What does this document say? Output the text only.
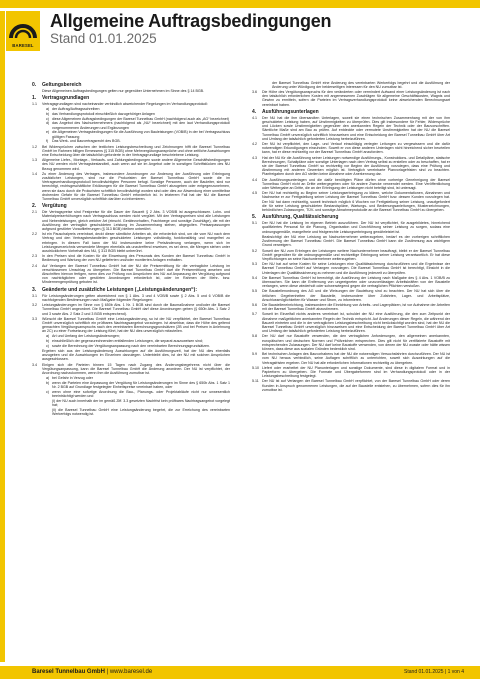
BARESEL
Allgemeine Auftragsbedingungen
Stand 01.01.2025
0.	Geltungsbereich
Diese Allgemeinen Auftragsbedingungen gelten nur gegenüber Unternehmen im Sinne des § 14 BGB.
1.	Vertragsgrundlagen
1.1	Vertragsgrundlagen sind nacheinander verbindlich abweichender Regelungen im Verhandlungsprotokoll:
a) der Auftrag/Auftragsschreiben
b) das Verhandlungsprotokoll einschließlich dazugehöriger Anlagen
c) diese Allgemeinen Auftragsbedingungen der Baresel Tunnelbau GmbH (nachfolgend auch als „AG“ bezeichnet)
d) das Angebot des Nachunternehmers (nachfolgend als „NU“ bezeichnet) mit den laut Verhandlungsprotokoll vorgenommenen Änderungen und Ergänzungen
e) die Allgemeinen Vertragsbedingungen für die Ausführung von Bauleistungen (VOB/B) in der bei Vertragsschluss gültigen Fassung
f)	Das Werk- und Bauvertragsrecht des BGB.
1.2	Bei Widersprüchen zwischen der textlichen Leistungsbeschreibung und Zeichnungen hifft die Baresel Tunnelbau GmbH im Rahmen billigen Ermessens (§ 315 BGB) ohne Mehrvergütungsansprüche und ohne zeitliche Auswirkungen eine Entscheidung über die tatsächlich geforderte in der Vertragsgrundlage beschriebene Leistung.
1.3	Allgemeine Liefer-, Montage-, Verkaufs- und Zahlungsbedingungen sowie andere Allgemeine Geschäftsbedingungen des NU werden nicht Vertragsbestandteil, auch wenn auf sie im Angebot oder in sonstigen Schriftstücken des NU Bezug genommen wird.
1.4	Zu einer Änderung des Vertrages, insbesondere Anordnungen zur Änderung der Ausführung oder Erbringung zusätzlicher Leistungen, sind nur die Prokuristen der Baresel Tunnelbau GmbH sowie die im Vertragsverhandlungsprotokoll bevollmächtigten Personen befugt. Sonstige Personen, auch der Bauleiter, sind nur berechtigt, rechtsgeschäftliche Erklärungen für die Baresel Tunnelbau GmbH abzugeben oder entgegenzunehmen, wenn sie dazu durch die Prokuristen schriftlich bevollmächtigt worden sind oder dies zur Abwendung einer unmittelbar drohenden Gefahr für die Baresel Tunnelbau GmbH erforderlich ist. In letzterem Fall hat der NU die Baresel Tunnelbau GmbH unverzüglich schriftlich darüber zu informieren.
2.	Vergütung
2.1	Die Vertragspreise sind Festpreise für die Dauer der Bauzeit § 2 Abs. 3 VOB/B ist ausgeschlossen. Lohn- und Materialpreiserhöhungen nach Vertragsschluss werden nicht vergütet. Mit den Vertragspreisen sind alle Leistungen und Nebenleistungen, gleich welcher Art (einschl. Gerätevorhalten, Frachtwege und sonstige Zuschläge), die mit der Ausführung der vertraglich geschuldeten Leistung im Zusammenhang stehen, abgegolten. Preisanpassungen aufgrund gestörter Vorauflieferungen (§ 313 BGB) bleiben unberührt.
2.2	Ist ein Pauschalpreis vereinbart, deckt dieser sämtliche Arbeiten ab, die erforderlich sind, um die vom NU nach dem Vertrag und den Vertragsbestandteilen geschuldeten Leistungen vollständig, funktionsfähig und mangelfrei zu erbringen. In diesem Fall kann der NU insbesondere keine Preisänderung verlangen, wenn sich im Leistungsverzeichnis verwendete Mengen ebenfalls als unzutreffend erweisen, es sei denn, die Mengen stehen unter ausdrücklichem Vorbehalt des NU, § 313 BGB bleibt unberührt.
2.3	In den Preisen sind die Kosten für die Einweisung des Personals des Kunden der Baresel Tunnelbau GmbH in Bedienung und Wartung der vom NU gelieferten und/oder montierten Anlagen enthalten.
2.4	Auf Verlangen der Baresel Tunnelbau GmbH hat der NU die Preisermittlung für die vertragliche Leistung im verschlossenen Umschlag zu übergeben. Die Baresel Tunnelbau GmbH darf die Preisermittlung ansehen und Abschriften hiervon fertigen, wenn dies zur Prüfung von Ansprüchen des NU auf Anpassung der Vergütung aufgrund von nachträglichen oder gestörten Anordnungen erforderlich ist, oder im Rahmen der Mehr- bzw. Mindermengenprüfung geboten ist.
3.	Geänderte und zusätzliche Leistungen („Leistungsänderungen“):
3.1	Für Leistungsänderungen gelten abweichend von § 1 Abs. 3 und 4 VOB/B sowie § 2 Abs. 5 und 6 VOB/B die nachfolgenden Bestimmungen nach Maßgabe folgender Regelungen:
3.2	Leistungsänderungen im Sinne von § 650b Abs. 1 Nr. 1 BGB sind durch die Baumaßnahme und/oder die Baresel Tunnelbau GmbH angeordnet. Die Baresel Tunnelbau GmbH darf diese Anordnungen geben (§ 650b Abs. 1 Satz 2 und 3 sowie Abs. 2 Satz 2 und 3 BGB entsprechend).
3.3	Wünscht die Baresel Tunnelbau GmbH eine Leistungsänderung, so ist der NU verpflichtet, der Baresel Tunnelbau GmbH unverzüglich schriftlich ein prüfbares Nachtragsangebot vorzulegen. Ist absehbar, dass die Höhe des geltend gemachten Vergütungsanspruchs nach den vereinbarten Berechnungsgrundsätzen (2B und bei Preisen in Anlehnung an 2C) zu einer Fortsetzung der Leistung führt, hat der NU dies unverzüglich mitzuteilen.
a) Art und Umfang der Leistungsänderungen;
b) einschließlich der gegenzurechnenden entfallenden Leistungen, die separat auszuweisen sind;
c) sowie die Berechnung der Vergütungsanpassung nach den vereinbarten Berechnungsgrundsätzen.
Ergeben sich aus der Leistungsänderung Auswirkungen auf die Ausführungszeit, hat der NU dies ebenfalls anzugeben und die Auswirkungen im Einzelnen darzulegen. Unterbleibt dies, ist der NU mit solchen Ansprüchen ausgeschlossen.
3.4	Einigen sich die Parteien binnen 15 Tagen nach Zugang des Änderungsbegehrens nicht über die Vergütungsanpassung, kann die Baresel Tunnelbau GmbH die Änderung anordnen. Der NU ist verpflichtet, der Anordnung nachzukommen, wenn ihm die Ausführung zumutbar ist.
a) bei Gefahr in Verzug oder
b) wenn die Parteien eine Anpassung der Vergütung für Leistungsänderungen im Sinne des § 650b Abs. 1 Satz 1 Nr. 2 BGB auf Grundlage festgelegter Einheitspreise vereinbart haben, oder
c) wenn ohne eine sofortige Anordnung die Bau-, Planungs- oder Projektabläufe nicht nur unwesentlich beeinträchtigt werden und
(i) der NU auch innerhalb der im gemäß Ziff. 3.3 gesetzten Nachfrist kein prüfbares Nachtragsangebot vorgelegt hat;
(ii) die Baresel Tunnelbau GmbH eine Leistungsänderung begehrt, die zur Erreichung des vereinbarten Werkerfolgs notwendig ist.
der Baresel Tunnelbau GmbH eine Änderung des vereinbarten Werkerfolgs begehrt und die Ausführung der Änderung unter Würdigung der beiderseitigen Interessen für den NU zumutbar ist.
3.6	Die Höhe des Vergütungsanspruchs für den veränderten oder vermindert Aufwand einer Leistungsänderung ist nach den tatsächlich erforderlichen Kosten mit angemessenen Zuschlägen für allgemeine Geschäftskosten, Wagnis und Gewinn zu ermitteln, sofern die Parteien im Vertragsverhandlungsprotokoll keine abweichenden Berechnungsart vereinbart haben.
4.	Ausführungsunterlagen
4.1	Der NU hat die ihm übersandten Unterlagen, soweit sie einen technischen Zusammenhang mit der von ihm geschuldeten Leistung haben, auf Unstimmigkeiten zu überprüfen. Dies gilt insbesondere für Fehler, Widersprüche und Lücken sowie Unstimmigkeiten gegenüber den anerkannten Regeln der Technik oder der Bauvorschriften. Sämtliche Maße sind am Bau zu prüfen. Auf entdeckte oder vermutete Unstimmigkeiten hat der NU die Baresel Tunnelbau GmbH unverzüglich schriftlich hinzuweisen und eine Entscheidung der Baresel Tunnelbau GmbH über Art und Umfang der tatsächlich geforderten Leistung herbeizuführen.
4.2	Der NU ist verpflichtet, den Lage- und Verlauf einschlägig verlegter Leitungen zu vergewissern und die dafür notwendigen Erkundigungen einzuholen. Soweit er von diese anderen Unterlagen nicht hinreichend sicher beurteilen kann, hat er diese rechtzeitig vor der Baresel Tunnelbau GmbH anzufordern.
4.3	Hat der NU für die Ausführung seiner Leistungen notwendige Ausführungs-, Konstruktions- und Detailpläne, statische Berechnungen, Schaltpläne oder sonstige Unterlagen nach dem Vertrag selbst zu erstellen oder zu beschaffen, hat er sie der Baresel Tunnelbau GmbH so rechtzeitig vor Beginn der Ausführung vorzulegen, dass eine Prüfung und Abstimmung mit anderen Gewerken möglich ist. Vertraglich vereinbarte Planvorlagefristen sind zu beachten. Planfreigaben durch den AG stellen keine Abnahme oder Anerkennung dar.
4.4	Die Ausführungsunterlagen und die dafür benötigten Pläne dürfen ohne vorherige Genehmigung der Baresel Tunnelbau GmbH nicht an Dritte weitergegeben oder für andere Zwecke verwendet werden. Eine Veröffentlichung oder Weitergabe an Dritte, die an der Erbringung der Leistungen nicht beteiligt sind, ist untersagt.
4.5	Der NU hat rechtzeitig zu Beginn seiner Leistungserbringung zu klären, welche Dokumentationen, Abnahmen und Nachweise er zur Fertigstellung seiner Leistung der Baresel Tunnelbau GmbH bzw. dessen Kunden vorzulegen hat. Der NU hat dann rechtzeitig, soweit technisch möglich 6 Wochen vor Fertigstellung seiner Leistung, unaufgefordert die für seine Leistung geschuldeten Bestandspläne, Wartungs- und Bedienungsanleitungen, Musterzeichnungen, behördlichen Zulassungen, TÜV- und sonstige Abnahmeprotokolle an die Baresel Tunnelbau GmbH zu übergeben.
5.	Ausführung, Qualitätssicherung
5.1	Der NU hat die Leistung im eigenen Betrieb auszuführen. Der NU ist verpflichtet, für ausgebildetes, hinreichend qualifiziertes Personal für die Planung, Organisation und Durchführung seiner Leistung zu sorgen, sodass eine ordnungsgemäße, mangelfreie und fristgerechte Leistungserbringung gewährleistet ist.
Beabsichtigt der NU eine Leistung an Nachunternehmer weiterzugeben, bedarf es der vorherigen schriftlichen Zustimmung der Baresel Tunnelbau GmbH. Die Baresel Tunnelbau GmbH kann die Zustimmung aus wichtigem Grund verweigern.
5.2	Soweit der NU zum Erbringen der Leistungen weitere Nachunternehmer beauftragt, bleibt er der Baresel Tunnelbau GmbH gegenüber für die ordnungsgemäße und rechtzeitige Erbringung seiner Leistung verantwortlich. Er hat diese Verpflichtungen an seine Nachunternehmer weiterzugeben.
5.3	Der NU hat auf seine Kosten für seine Leistungen eine Qualitätssicherung durchzuführen und die Ergebnisse der Baresel Tunnelbau GmbH auf Verlangen vorzulegen. Die Baresel Tunnelbau GmbH ist berechtigt, Einsicht in die Unterlagen der Qualitätssicherung zu nehmen und die Ausführung jederzeit zu überprüfen.
5.4	Die Baresel Tunnelbau GmbH ist berechtigt, die Ausführung der Leistung nach Maßgabe des § 4 Abs. 1 VOB/B zu überwachen. Sie kann die Entfernung von ungeeigneten oder unzuverlässigen Arbeitskräften von der Baustelle verlangen, wenn diese wiederholt oder schwerwiegend gegen die vertraglichen Pflichten verstoßen.
5.5	Die Baustellenordnung des AG und die Weisungen der Bauleitung sind zu beachten. Der NU hat sich über die örtlichen Gegebenheiten der Baustelle, insbesondere über Zufahrten, Lager- und Arbeitsplätze, Anschlussmöglichkeiten für Wasser und Strom, zu informieren.
5.6	Die Baustelleneinrichtung, insbesondere die Einrichtung von Arbeits- und Lagerplätzen, ist vor Aufnahme der Arbeiten mit der Baresel Tunnelbau GmbH abzustimmen.
5.7	Soweit im Einzelfall nichts anderes vereinbart ist, schuldet der NU eine Ausführung, die den zum Zeitpunkt der Abnahme maßgeblichen anerkannten Regeln der Technik entspricht. Auf Änderungen dieser Regeln, die während der Bauzeit eintreten und die in der vertraglichen Leistungsbeschreibung nicht berücksichtigt worden sind, hat der NU die Baresel Tunnelbau GmbH unverzüglich hinzuweisen und eine Entscheidung der Baresel Tunnelbau GmbH über Art und Umfang der tatsächlich geforderten Leistung herbeizuführen.
5.8	Der NU darf nur Baustoffe verwenden, die den vertraglichen Anforderungen, den allgemeinen anerkannten, europäischen und deutschen Normen und Prüfzeichen entsprechen. Dies gilt nicht für zertifizierte Baustoffe mit entsprechenden Zulassungen. Der NU darf keine Baustoffe verwenden, von denen der NU wusste oder hätte wissen können, dass diese aus sozialen Gründen bedenklich sind.
5.9	Bei technischen Anlagen des Bauvorhabens hat der NU die notwendigen Versuchsfahrten durchzuführen. Der NU ist vom NU heraus verbindlich, seine Auflagen schriftlich zu unterrichten, soweit sich Auswirkungen auf die Vertragsfristen ergeben. Der NU hat alle erforderlichen Informationen rechtzeitig zu übergeben.
5.10 Liefert oder erarbeitet der NU Planunterlagen und sonstige Dokumente, sind diese in digitalem Format und in Papierform zu übergeben. Die Formate und Übergabeformen sind im Verhandlungsprotokoll oder in der Leistungsbeschreibung festgelegt.
5.11 Der NU ist auf Verlangen der Baresel Tunnelbau GmbH verpflichtet, von der Baresel Tunnelbau GmbH oder deren Kunden in Anspruch genommenen Leistungen, die auf der Baustelle entstehen, zu übernehmen, sofern dies für ihn zumutbar ist.
Baresel Tunnelbau GmbH | www.baresel.de	Stand 01.01.2025 | 1 von 4
